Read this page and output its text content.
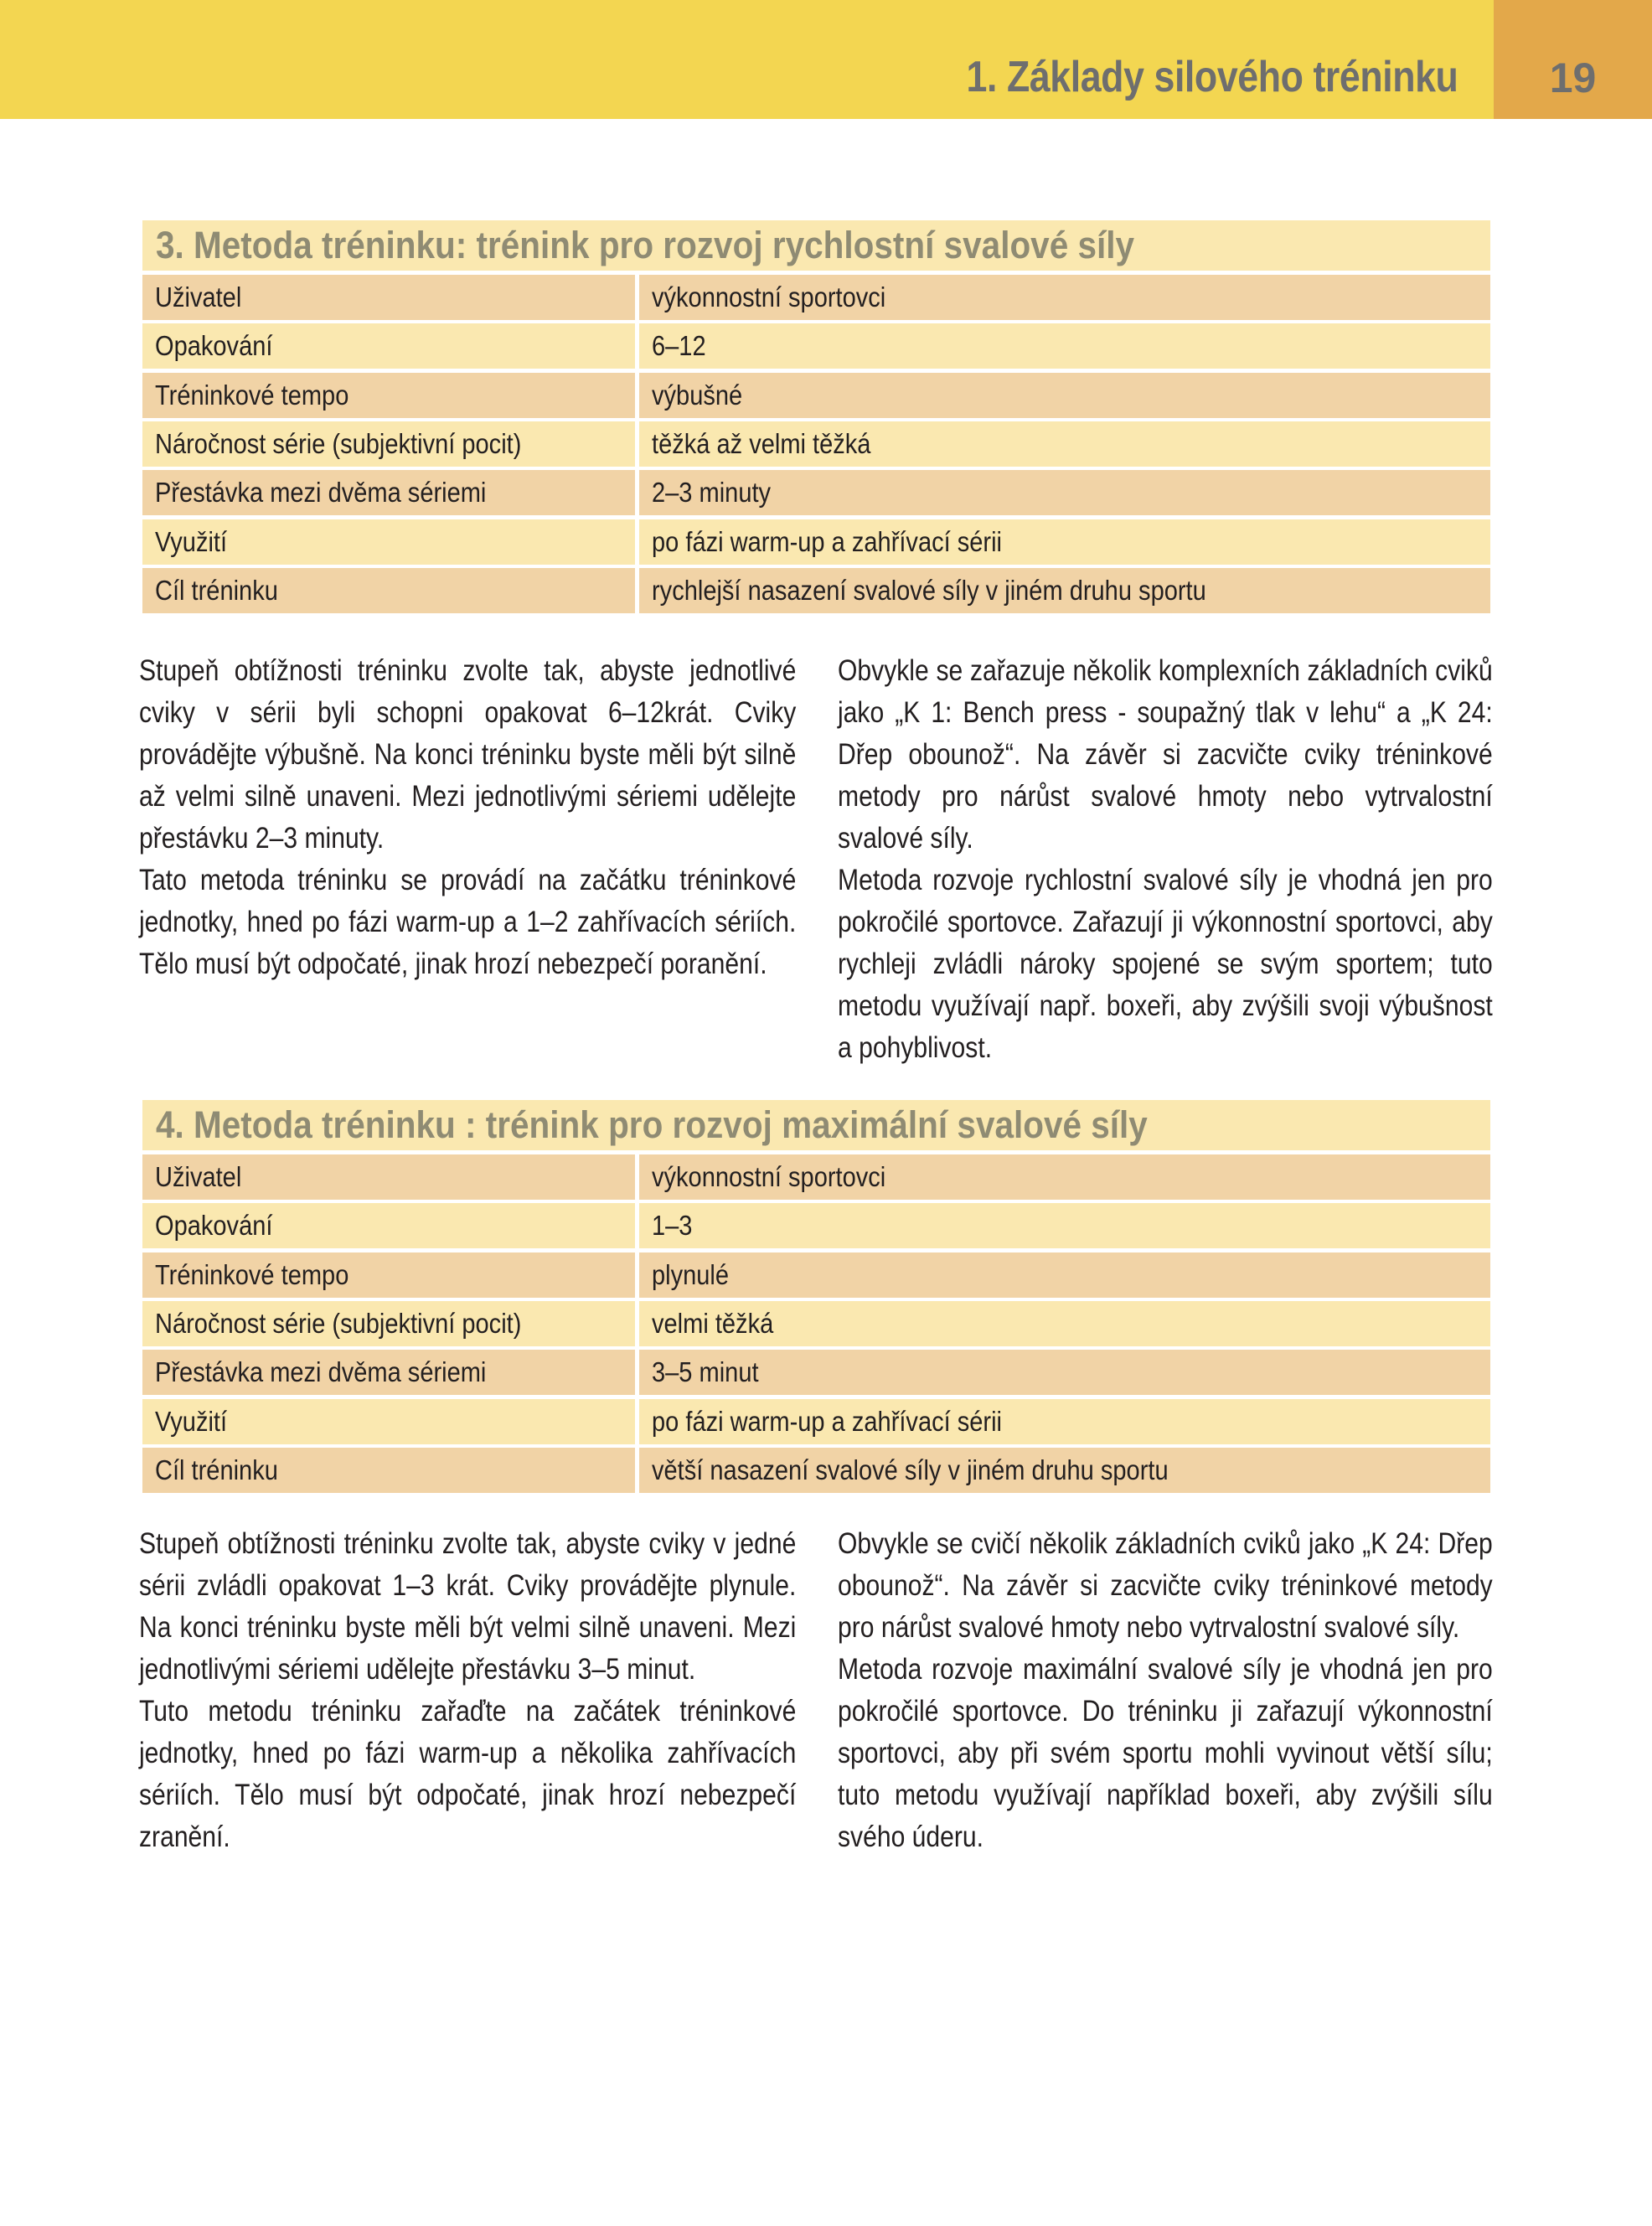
1. Základy silového tréninku	19
3. Metoda tréninku: trénink pro rozvoj rychlostní svalové síly
Uživatel	výkonnostní sportovci
Opakování	6–12
Tréninkové tempo	výbušné
Náročnost série (subjektivní pocit)	těžká až velmi těžká
Přestávka mezi dvěma sériemi	2–3 minuty
Využití	po fázi warm-up a zahřívací sérii
Cíl tréninku	rychlejší nasazení svalové síly v jiném druhu sportu

Stupeň obtížnosti tréninku zvolte tak, abyste jednotlivé cviky v sérii byli schopni opakovat 6–12krát. Cviky provádějte výbušně. Na konci tréninku byste měli být silně až velmi silně unaveni. Mezi jednotlivými sériemi udělejte přestávku 2–3 minuty.

Tato metoda tréninku se provádí na začátku tréninkové jednotky, hned po fázi warm-up a 1–2 zahřívacích sériích. Tělo musí být odpočaté, jinak hrozí nebezpečí poranění.

Obvykle se zařazuje několik komplexních základních cviků jako „K 1: Bench press - soupažný tlak v lehu“ a „K 24: Dřep obounož“. Na závěr si zacvičte cviky tréninkové metody pro nárůst svalové hmoty nebo vytrvalostní svalové síly.

Metoda rozvoje rychlostní svalové síly je vhodná jen pro pokročilé sportovce. Zařazují ji výkonnostní sportovci, aby rychleji zvládli nároky spojené se svým sportem; tuto metodu využívají např. boxeři, aby zvýšili svoji výbušnost a pohyblivost.

4. Metoda tréninku : trénink pro rozvoj maximální svalové síly
Uživatel	výkonnostní sportovci
Opakování	1–3
Tréninkové tempo	plynulé
Náročnost série (subjektivní pocit)	velmi těžká
Přestávka mezi dvěma sériemi	3–5 minut
Využití	po fázi warm-up a zahřívací sérii
Cíl tréninku	větší nasazení svalové síly v jiném druhu sportu

Stupeň obtížnosti tréninku zvolte tak, abyste cviky v jedné sérii zvládli opakovat 1–3 krát. Cviky provádějte plynule. Na konci tréninku byste měli být velmi silně unaveni. Mezi jednotlivými sériemi udělejte přestávku 3–5 minut.

Tuto metodu tréninku zařaďte na začátek tréninkové jednotky, hned po fázi warm-up a několika zahřívacích sériích. Tělo musí být odpočaté, jinak hrozí nebezpečí zranění.

Obvykle se cvičí několik základních cviků jako „K 24: Dřep obounož“. Na závěr si zacvičte cviky tréninkové metody pro nárůst svalové hmoty nebo vytrvalostní svalové síly.

Metoda rozvoje maximální svalové síly je vhodná jen pro pokročilé sportovce. Do tréninku ji zařazují výkonnostní sportovci, aby při svém sportu mohli vyvinout větší sílu; tuto metodu využívají například boxeři, aby zvýšili sílu svého úderu.
